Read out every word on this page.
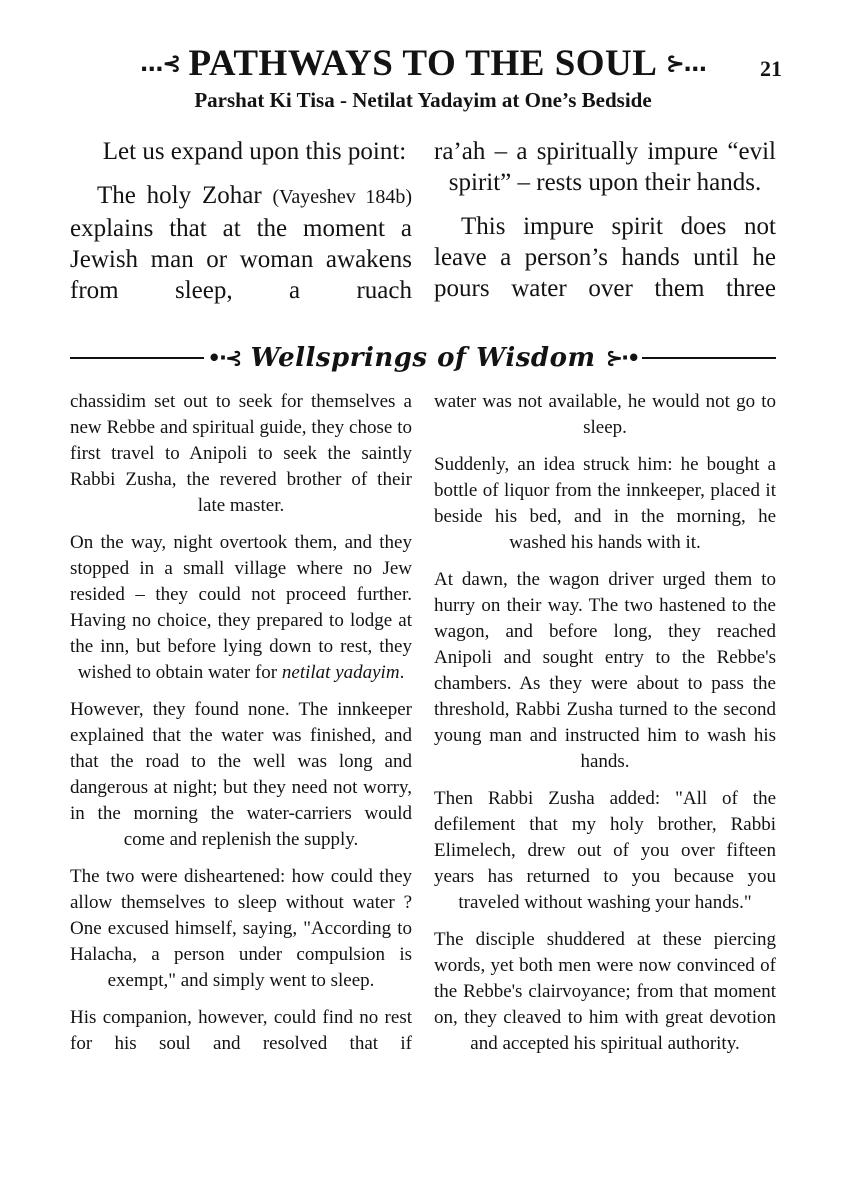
…⊰ PATHWAYS TO THE SOUL ⊱…	21
Parshat Ki Tisa - Netilat Yadayim at One’s Bedside

Let us expand upon this point:

The holy Zohar (Vayeshev 184b) explains that at the moment a Jewish man or woman awakens from sleep, a ruach

ra’ah – a spiritually impure “evil spirit” – rests upon their hands.

This impure spirit does not leave a person’s hands until he pours water over them three

•·⊰ Wellsprings of Wisdom ⊱·•

chassidim set out to seek for themselves a new Rebbe and spiritual guide, they chose to first travel to Anipoli to seek the saintly Rabbi Zusha, the revered brother of their late master.

On the way, night overtook them, and they stopped in a small village where no Jew resided – they could not proceed further. Having no choice, they prepared to lodge at the inn, but before lying down to rest, they wished to obtain water for netilat yadayim.

However, they found none. The innkeeper explained that the water was finished, and that the road to the well was long and dangerous at night; but they need not worry, in the morning the water-carriers would come and replenish the supply.

The two were disheartened: how could they allow themselves to sleep without water ? One excused himself, saying, "According to Halacha, a person under compulsion is exempt," and simply went to sleep.

His companion, however, could find no rest for his soul and resolved that if

water was not available, he would not go to sleep.

Suddenly, an idea struck him: he bought a bottle of liquor from the innkeeper, placed it beside his bed, and in the morning, he washed his hands with it.

At dawn, the wagon driver urged them to hurry on their way. The two hastened to the wagon, and before long, they reached Anipoli and sought entry to the Rebbe's chambers. As they were about to pass the threshold, Rabbi Zusha turned to the second young man and instructed him to wash his hands.

Then Rabbi Zusha added: "All of the defilement that my holy brother, Rabbi Elimelech, drew out of you over fifteen years has returned to you because you traveled without washing your hands."

The disciple shuddered at these piercing words, yet both men were now convinced of the Rebbe's clairvoyance; from that moment on, they cleaved to him with great devotion and accepted his spiritual authority.
